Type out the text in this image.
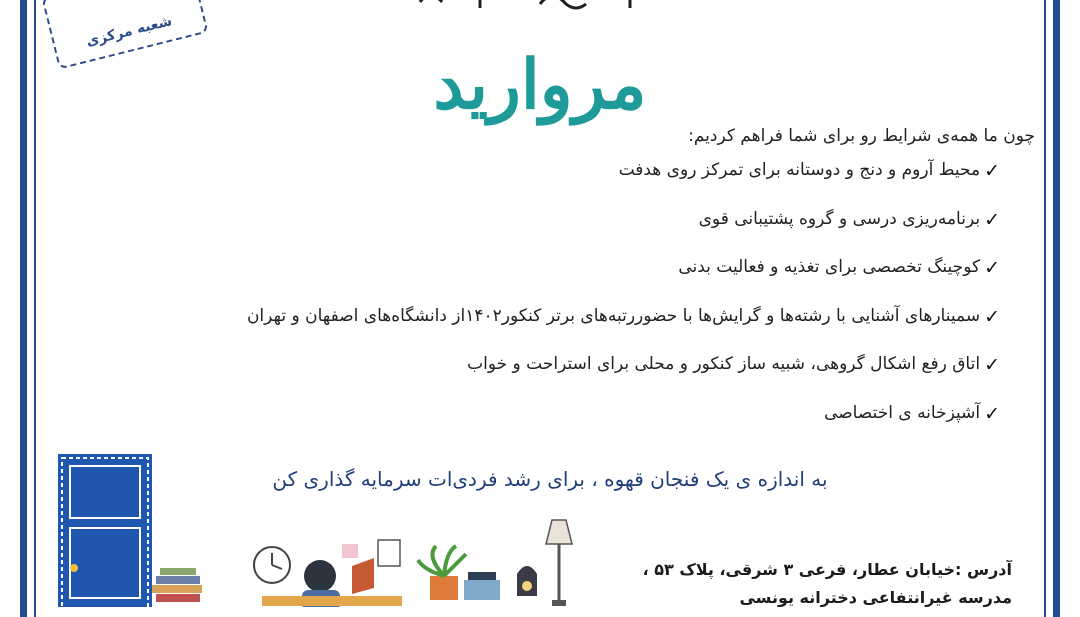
شعبه مرکزی
مروارید
چون ما همه‌ی شرایط رو برای شما فراهم کردیم:
✓
محیط آروم و دنج و دوستانه برای تمرکز روی هدفت
✓
برنامه‌ریزی درسی و گروه پشتیبانی قوی
✓
کوچینگ تخصصی برای تغذیه و فعالیت بدنی
✓
سمینارهای آشنایی با رشته‌ها و گرایش‌ها با حضوررتبه‌های برتر کنکور۱۴۰۲از دانشگاه‌های اصفهان و تهران
✓
اتاق رفع اشکال گروهی، شبیه ساز کنکور و محلی برای استراحت و خواب
✓
آشپزخانه ی اختصاصی
به اندازه ی یک فنجان قهوه ، برای رشد فردی‌ات سرمایه گذاری کن
آدرس :خیابان عطار، فرعی ۳ شرقی، پلاک ۵۳ ،
مدرسه غیرانتفاعی دخترانه یونسی
